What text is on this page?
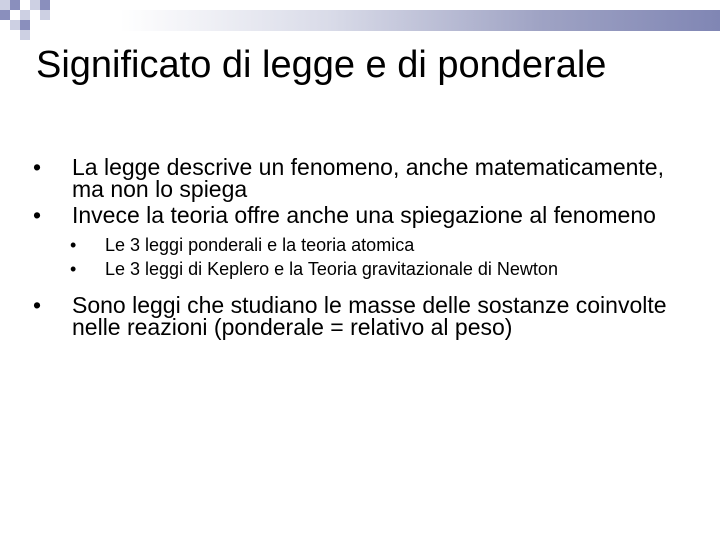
Significato di legge e di ponderale
• La legge descrive un fenomeno, anche matematicamente, ma non lo spiega
• Invece la teoria offre anche una spiegazione al fenomeno
• Le 3 leggi ponderali e la teoria atomica
• Le 3 leggi di Keplero e la Teoria gravitazionale di Newton
• Sono leggi che studiano le masse delle sostanze coinvolte nelle reazioni (ponderale = relativo al peso)
